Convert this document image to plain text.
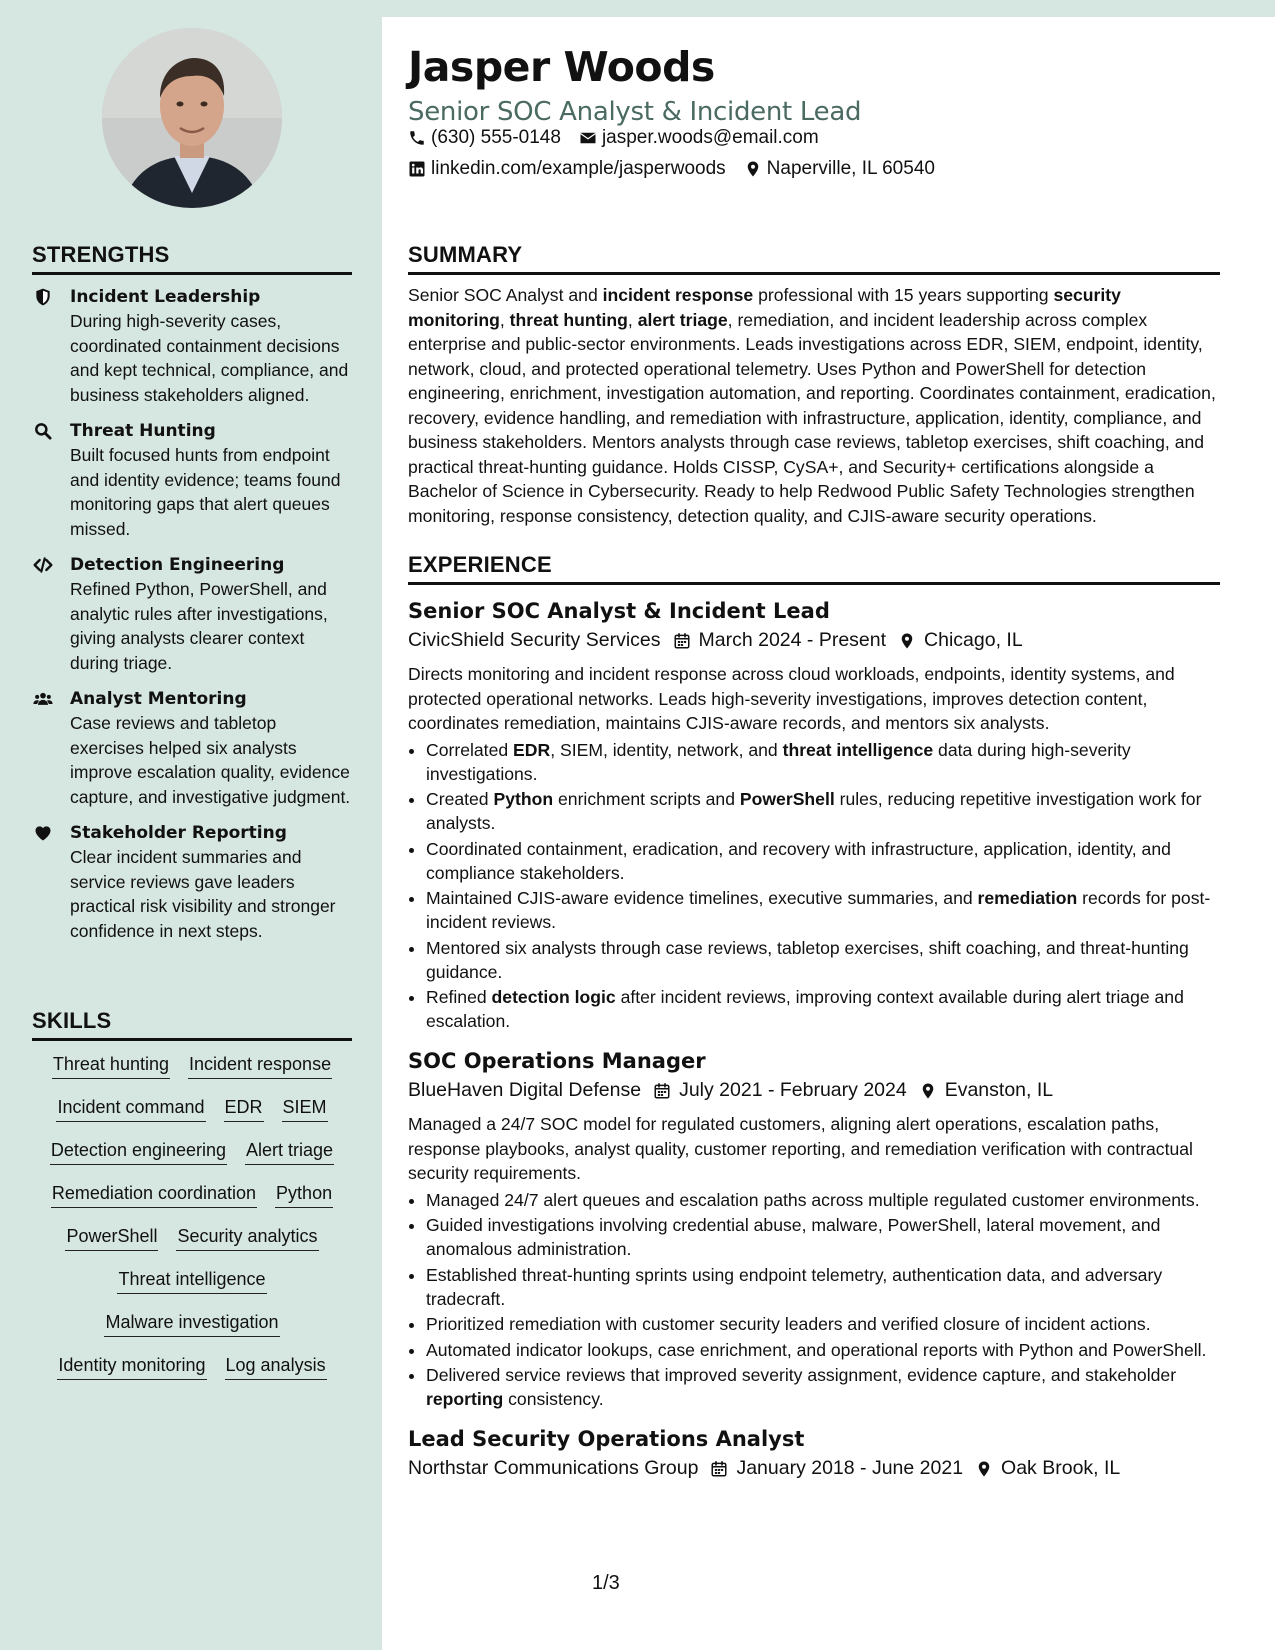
STRENGTHS
Incident Leadership
During high-severity cases, coordinated containment decisions and kept technical, compliance, and business stakeholders aligned.
Threat Hunting
Built focused hunts from endpoint and identity evidence; teams found monitoring gaps that alert queues missed.
Detection Engineering
Refined Python, PowerShell, and analytic rules after investigations, giving analysts clearer context during triage.
Analyst Mentoring
Case reviews and tabletop exercises helped six analysts improve escalation quality, evidence capture, and investigative judgment.
Stakeholder Reporting
Clear incident summaries and service reviews gave leaders practical risk visibility and stronger confidence in next steps.
SKILLS
Threat hunting Incident response
Incident command EDR SIEM
Detection engineering Alert triage
Remediation coordination Python
PowerShell Security analytics
Threat intelligence
Malware investigation
Identity monitoring Log analysis
Jasper Woods
Senior SOC Analyst & Incident Lead
(630) 555-0148 jasper.woods@email.com
linkedin.com/example/jasperwoods Naperville, IL 60540
SUMMARY

Senior SOC Analyst and incident response professional with 15 years supporting security monitoring, threat hunting, alert triage, remediation, and incident leadership across complex enterprise and public-sector environments. Leads investigations across EDR, SIEM, endpoint, identity, network, cloud, and protected operational telemetry. Uses Python and PowerShell for detection engineering, enrichment, investigation automation, and reporting. Coordinates containment, eradication, recovery, evidence handling, and remediation with infrastructure, application, identity, compliance, and business stakeholders. Mentors analysts through case reviews, tabletop exercises, shift coaching, and practical threat-hunting guidance. Holds CISSP, CySA+, and Security+ certifications alongside a Bachelor of Science in Cybersecurity. Ready to help Redwood Public Safety Technologies strengthen monitoring, response consistency, detection quality, and CJIS-aware security operations.

EXPERIENCE
Senior SOC Analyst & Incident Lead
CivicShield Security Services March 2024 - Present Chicago, IL

Directs monitoring and incident response across cloud workloads, endpoints, identity systems, and protected operational networks. Leads high-severity investigations, improves detection content, coordinates remediation, maintains CJIS-aware records, and mentors six analysts.

• Correlated EDR, SIEM, identity, network, and threat intelligence data during high-severity investigations.
• Created Python enrichment scripts and PowerShell rules, reducing repetitive investigation work for analysts.
• Coordinated containment, eradication, and recovery with infrastructure, application, identity, and compliance stakeholders.
• Maintained CJIS-aware evidence timelines, executive summaries, and remediation records for post-incident reviews.
• Mentored six analysts through case reviews, tabletop exercises, shift coaching, and threat-hunting guidance.
• Refined detection logic after incident reviews, improving context available during alert triage and escalation.
SOC Operations Manager
BlueHaven Digital Defense July 2021 - February 2024 Evanston, IL

Managed a 24/7 SOC model for regulated customers, aligning alert operations, escalation paths, response playbooks, analyst quality, customer reporting, and remediation verification with contractual security requirements.

• Managed 24/7 alert queues and escalation paths across multiple regulated customer environments.
• Guided investigations involving credential abuse, malware, PowerShell, lateral movement, and anomalous administration.
• Established threat-hunting sprints using endpoint telemetry, authentication data, and adversary tradecraft.
• Prioritized remediation with customer security leaders and verified closure of incident actions.
• Automated indicator lookups, case enrichment, and operational reports with Python and PowerShell.
• Delivered service reviews that improved severity assignment, evidence capture, and stakeholder reporting consistency.
Lead Security Operations Analyst
Northstar Communications Group January 2018 - June 2021 Oak Brook, IL
1/3
